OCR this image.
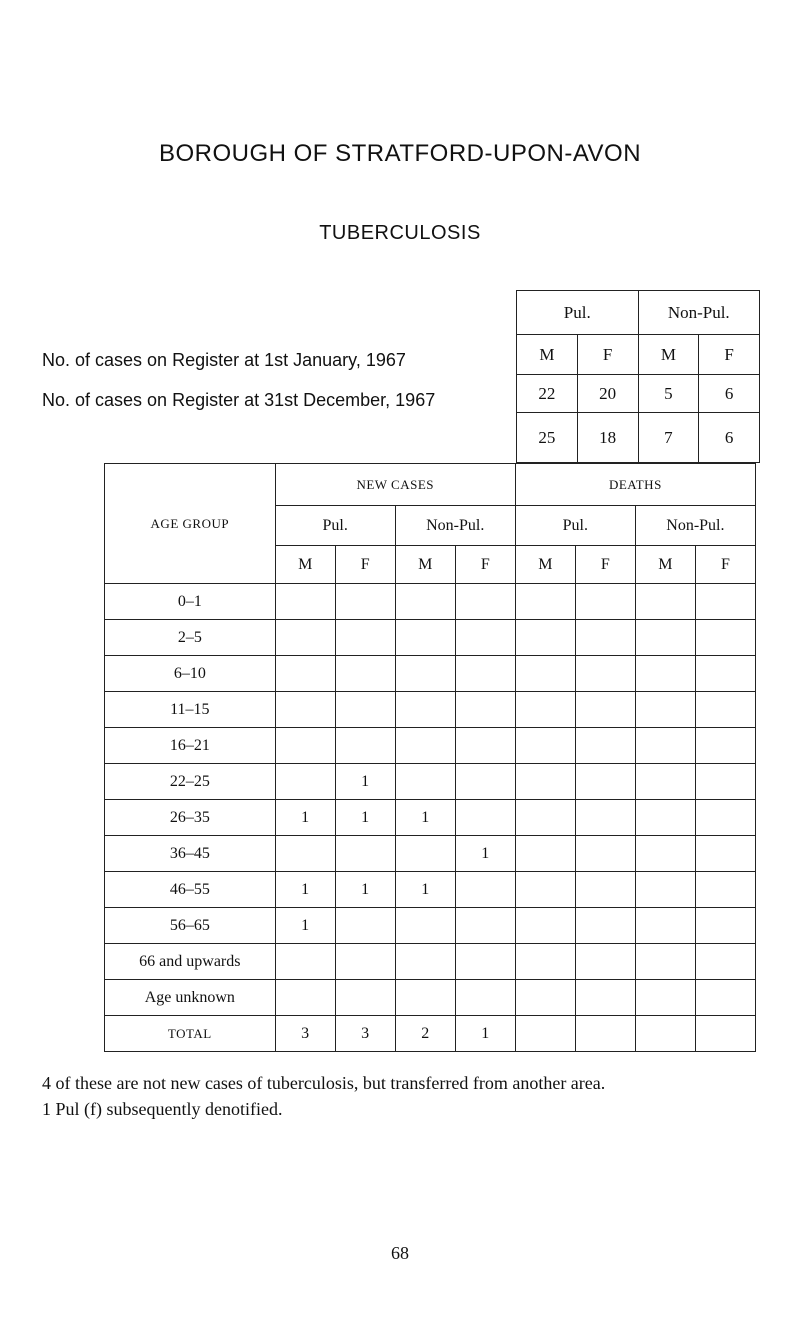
BOROUGH OF STRATFORD-UPON-AVON
TUBERCULOSIS
No. of cases on Register at 1st January, 1967
No. of cases on Register at 31st December, 1967
Pul.		Non-Pul.	
M	F	M	F
22	20	5	6
25	18	7	6
AGE GROUP	NEW CASES				DEATHS			
	Pul.		Non-Pul.		Pul.		Non-Pul.	
	M	F	M	F	M	F	M	F
0–1								
2–5								
6–10								
11–15								
16–21								
22–25		1						
26–35	1	1	1					
36–45				1				
46–55	1	1	1					
56–65	1							
66 and upwards								
Age unknown								
TOTAL	3	3	2	1				
4 of these are not new cases of tuberculosis, but transferred from another area.
1 Pul (f) subsequently denotified.
68
